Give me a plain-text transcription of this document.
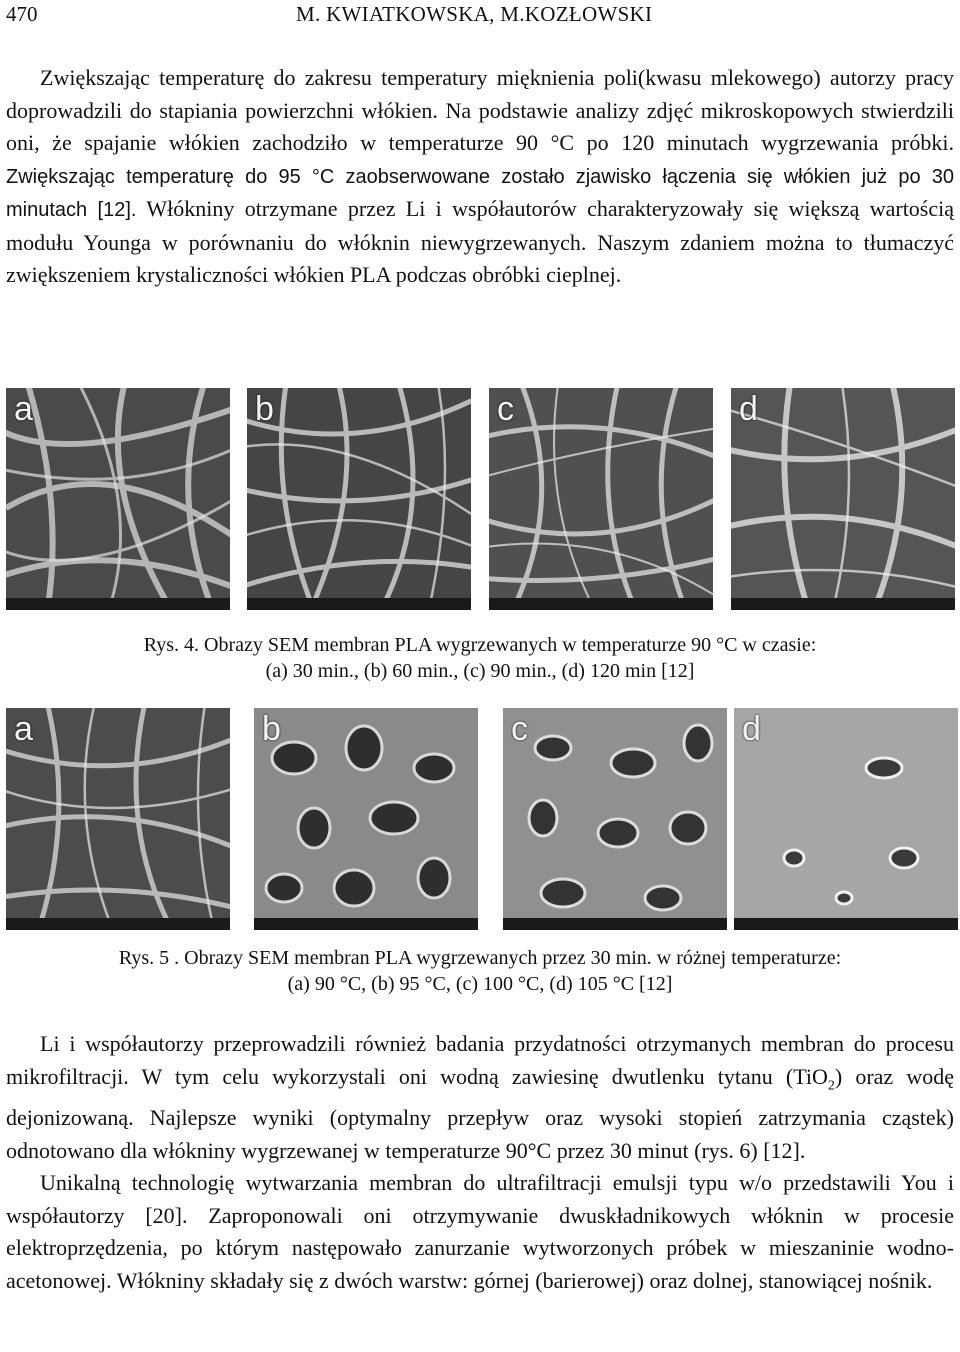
470	M. KWIATKOWSKA, M.KOZŁOWSKI

Zwiększając temperaturę do zakresu temperatury mięknienia poli(kwasu mlekowego) autorzy pracy doprowadzili do stapiania powierzchni włókien. Na podstawie analizy zdjęć mikroskopowych stwierdzili oni, że spajanie włókien zachodziło w temperaturze 90 °C po 120 minutach wygrzewania próbki. Zwiększając temperaturę do 95 °C zaobserwowane zostało zjawisko łączenia się włókien już po 30 minutach [12]. Włókniny otrzymane przez Li i współautorów charakteryzowały się większą wartością modułu Younga w porównaniu do włóknin niewygrzewanych. Naszym zdaniem można to tłumaczyć zwiększeniem krystaliczności włókien PLA podczas obróbki cieplnej.

a	b	c	d
Rys. 4. Obrazy SEM membran PLA wygrzewanych w temperaturze 90 °C w czasie:
(a) 30 min., (b) 60 min., (c) 90 min., (d) 120 min [12]
a	b	c	d
Rys. 5 . Obrazy SEM membran PLA wygrzewanych przez 30 min. w różnej temperaturze:
(a) 90 °C, (b) 95 °C, (c) 100 °C, (d) 105 °C [12]

Li i współautorzy przeprowadzili również badania przydatności otrzymanych membran do procesu mikrofiltracji. W tym celu wykorzystali oni wodną zawiesinę dwutlenku tytanu (TiO$_2$) oraz wodę dejonizowaną. Najlepsze wyniki (optymalny przepływ oraz wysoki stopień zatrzymania cząstek) odnotowano dla włókniny wygrzewanej w temperaturze 90°C przez 30 minut (rys. 6) [12].
Unikalną technologię wytwarzania membran do ultrafiltracji emulsji typu w/o przedstawili You i współautorzy [20]. Zaproponowali oni otrzymywanie dwuskładnikowych włóknin w procesie elektroprzędzenia, po którym następowało zanurzanie wytworzonych próbek w mieszaninie wodno-acetonowej. Włókniny składały się z dwóch warstw: górnej (barierowej) oraz dolnej, stanowiącej nośnik.
